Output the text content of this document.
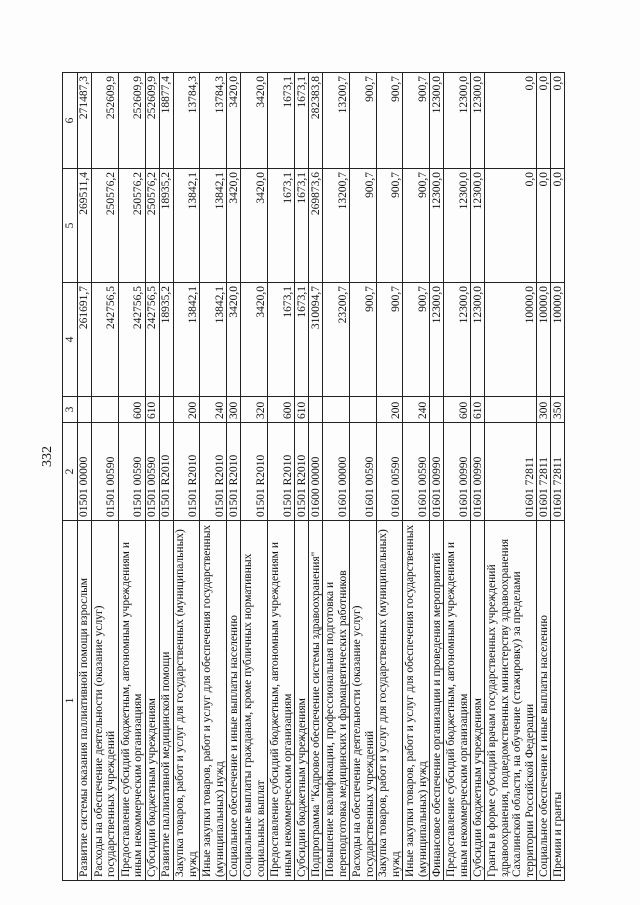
332
1	2	3	4	5	6
Развитие системы оказания паллиативной помощи взрослым	01501 00000		261691,7	269511,4	271487,3
Расходы на обеспечение деятельности (оказание услуг) государственных учреждений	01501 00590		242756,5	250576,2	252609,9
Предоставление субсидий бюджетным, автономным учреждениям и иным некоммерческим организациям	01501 00590	600	242756,5	250576,2	252609,9
Субсидии бюджетным учреждениям	01501 00590	610	242756,5	250576,2	252609,9
Развитие паллиативной медицинской помощи	01501 R2010		18935,2	18935,2	18877,4
Закупка товаров, работ и услуг для государственных (муниципальных) нужд	01501 R2010	200	13842,1	13842,1	13784,3
Иные закупки товаров, работ и услуг для обеспечения государственных (муниципальных) нужд	01501 R2010	240	13842,1	13842,1	13784,3
Социальное обеспечение и иные выплаты населению	01501 R2010	300	3420,0	3420,0	3420,0
Социальные выплаты гражданам, кроме публичных нормативных социальных выплат	01501 R2010	320	3420,0	3420,0	3420,0
Предоставление субсидий бюджетным, автономным учреждениям и иным некоммерческим организациям	01501 R2010	600	1673,1	1673,1	1673,1
Субсидии бюджетным учреждениям	01501 R2010	610	1673,1	1673,1	1673,1
Подпрограмма "Кадровое обеспечение системы здравоохранения"	01600 00000		310094,7	269873,6	282383,8
Повышение квалификации, профессиональная подготовка и переподготовка медицинских и фармацевтических работников	01601 00000		23200,7	13200,7	13200,7
Расходы на обеспечение деятельности (оказание услуг) государственных учреждений	01601 00590		900,7	900,7	900,7
Закупка товаров, работ и услуг для государственных (муниципальных) нужд	01601 00590	200	900,7	900,7	900,7
Иные закупки товаров, работ и услуг для обеспечения государственных (муниципальных) нужд	01601 00590	240	900,7	900,7	900,7
Финансовое обеспечение организации и проведения мероприятий	01601 00990		12300,0	12300,0	12300,0
Предоставление субсидий бюджетным, автономным учреждениям и иным некоммерческим организациям	01601 00990	600	12300,0	12300,0	12300,0
Субсидии бюджетным учреждениям	01601 00990	610	12300,0	12300,0	12300,0
Гранты в форме субсидий врачам государственных учреждений здравоохранения, подведомственных министерству здравоохранения Сахалинской области, на обучение (стажировку) за пределами территории Российской Федерации	01601 72811		10000,0	0,0	0,0
Социальное обеспечение и иные выплаты населению	01601 72811	300	10000,0	0,0	0,0
Премии и гранты	01601 72811	350	10000,0	0,0	0,0
